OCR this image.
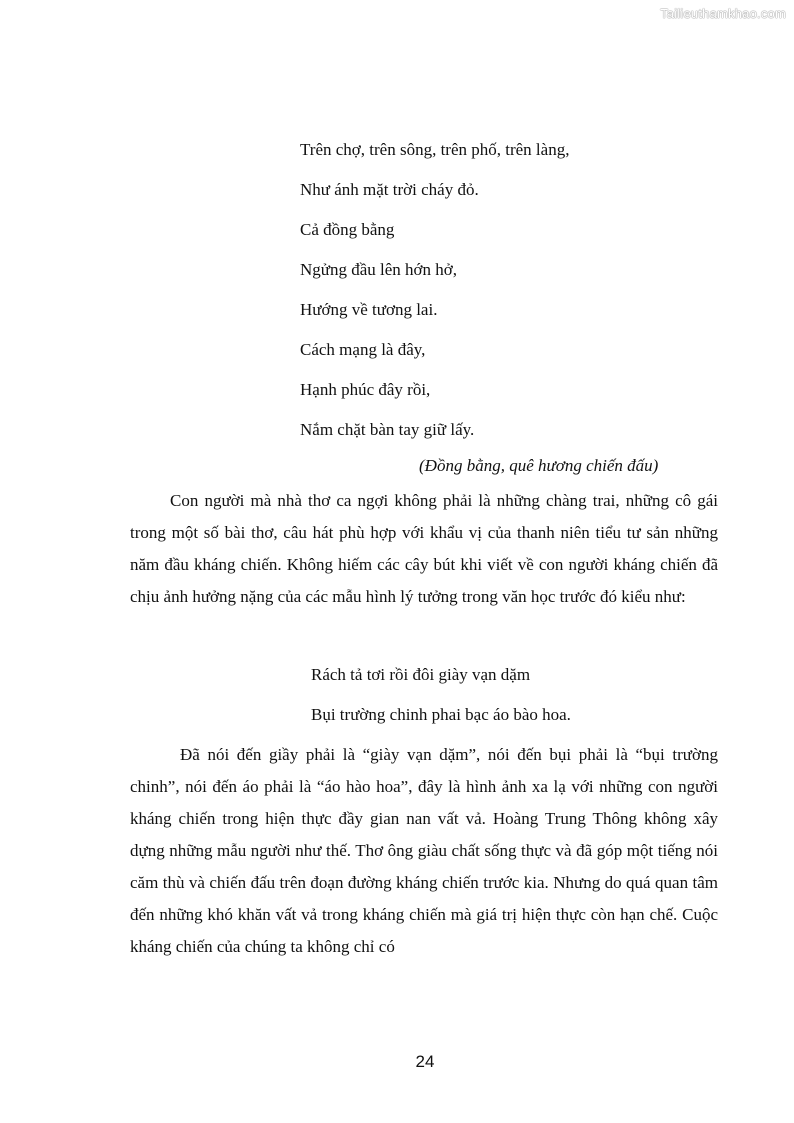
Tailieuthamkhao.com
Trên chợ, trên sông, trên phố, trên làng,
Như ánh mặt trời cháy đỏ.
Cả đồng bằng
Ngửng đầu lên hớn hở,
Hướng về tương lai.
Cách mạng là đây,
Hạnh phúc đây rồi,
Nắm chặt bàn tay giữ lấy.
(Đồng bằng, quê hương chiến đấu)

Con người mà nhà thơ ca ngợi không phải là những chàng trai, những cô gái trong một số bài thơ, câu hát phù hợp với khẩu vị của thanh niên tiểu tư sản những năm đầu kháng chiến. Không hiếm các cây bút khi viết về con người kháng chiến đã chịu ảnh hưởng nặng của các mẫu hình lý tưởng trong văn học trước đó kiểu như:

Rách tả tơi rồi đôi giày vạn dặm
Bụi trường chinh phai bạc áo bào hoa.

Đã nói đến giầy phải là “giày vạn dặm”, nói đến bụi phải là “bụi trường chinh”, nói đến áo phải là “áo hào hoa”, đây là hình ảnh xa lạ với những con người kháng chiến trong hiện thực đầy gian nan vất vả. Hoàng Trung Thông không xây dựng những mẫu người như thế. Thơ ông giàu chất sống thực và đã góp một tiếng nói căm thù và chiến đấu trên đoạn đường kháng chiến trước kia. Nhưng do quá quan tâm đến những khó khăn vất vả trong kháng chiến mà giá trị hiện thực còn hạn chế. Cuộc kháng chiến của chúng ta không chỉ có

24
